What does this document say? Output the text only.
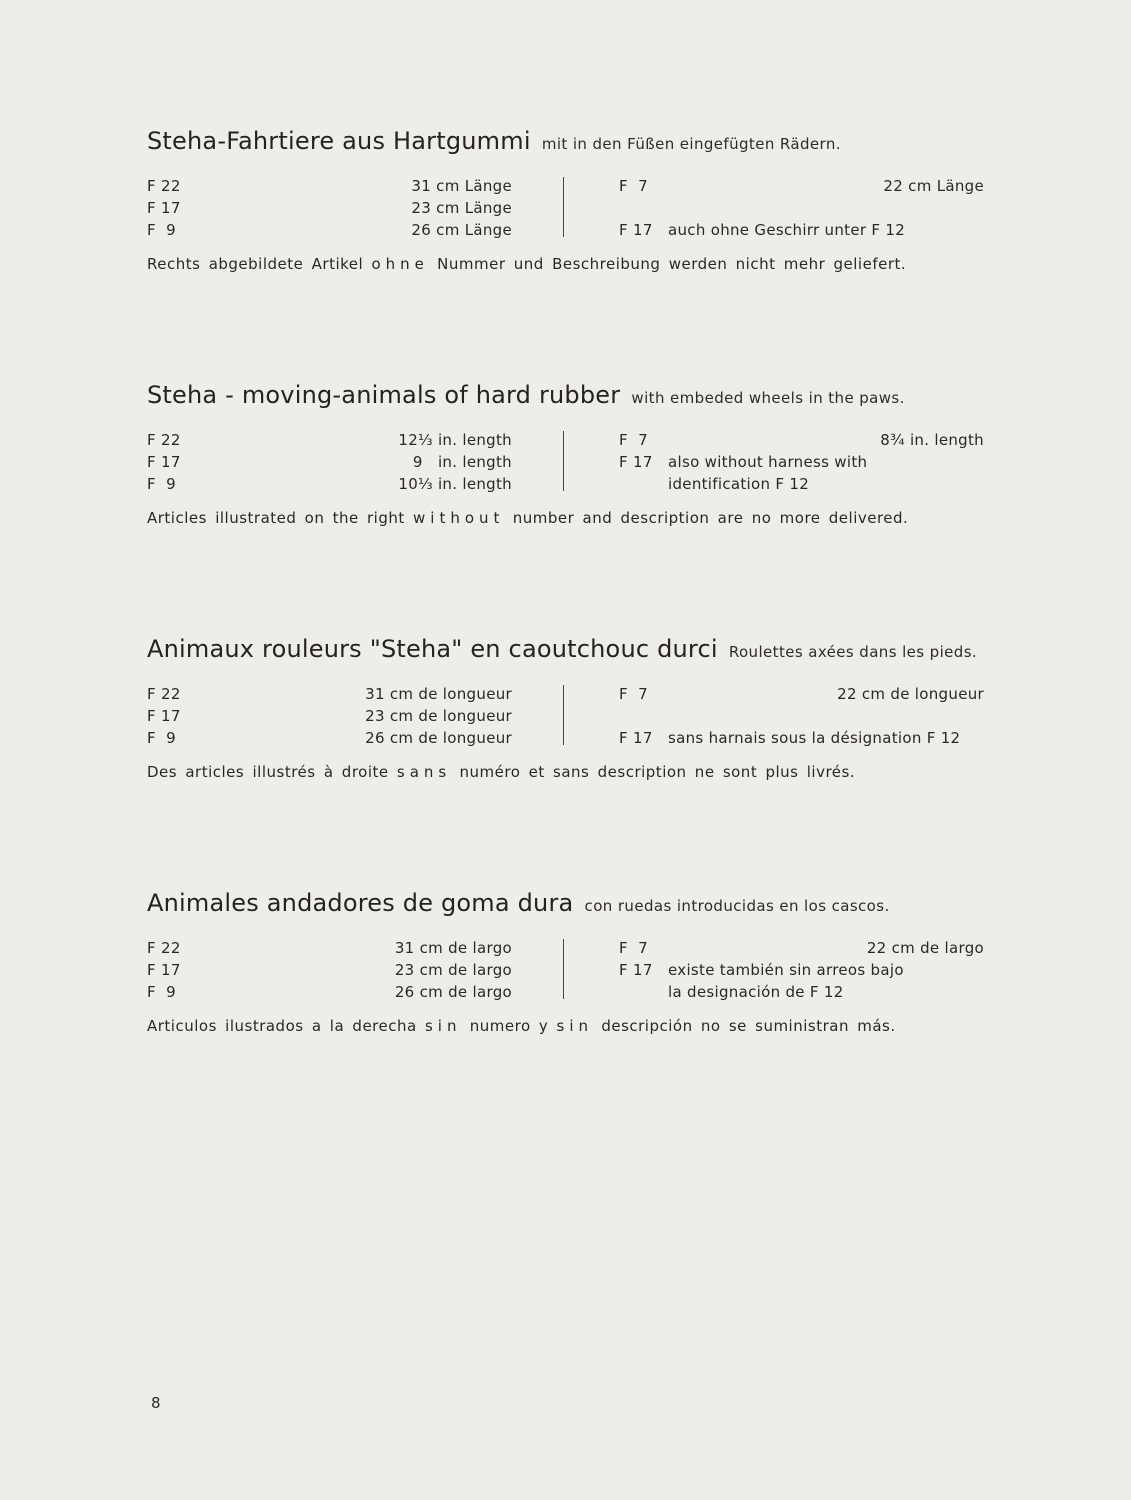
Steha-Fahrtiere aus Hartgummi mit in den Füßen eingefügten Rädern.

F 22	31 cm Länge
F 17	23 cm Länge
F  9	26 cm Länge
F  7	22 cm Länge
F 17 auch ohne Geschirr unter F 12

Rechts abgebildete Artikel ohne Nummer und Beschreibung werden nicht mehr geliefert.

Steha - moving-animals of hard rubber with embeded wheels in the paws.

F 22	12⅓ in. length
F 17	9   in. length
F  9	10⅓ in. length
F  7	8¾ in. length
F 17 also without harness with
identification F 12

Articles illustrated on the right without number and description are no more delivered.

Animaux rouleurs "Steha" en caoutchouc durci Roulettes axées dans les pieds.

F 22	31 cm de longueur
F 17	23 cm de longueur
F  9	26 cm de longueur
F  7	22 cm de longueur
F 17 sans harnais sous la désignation F 12

Des articles illustrés à droite sans numéro et sans description ne sont plus livrés.

Animales andadores de goma dura con ruedas introducidas en los cascos.

F 22	31 cm de largo
F 17	23 cm de largo
F  9	26 cm de largo
F  7	22 cm de largo
F 17 existe también sin arreos bajo
la designación de F 12

Articulos ilustrados a la derecha sin numero y sin descripción no se suministran más.

8
